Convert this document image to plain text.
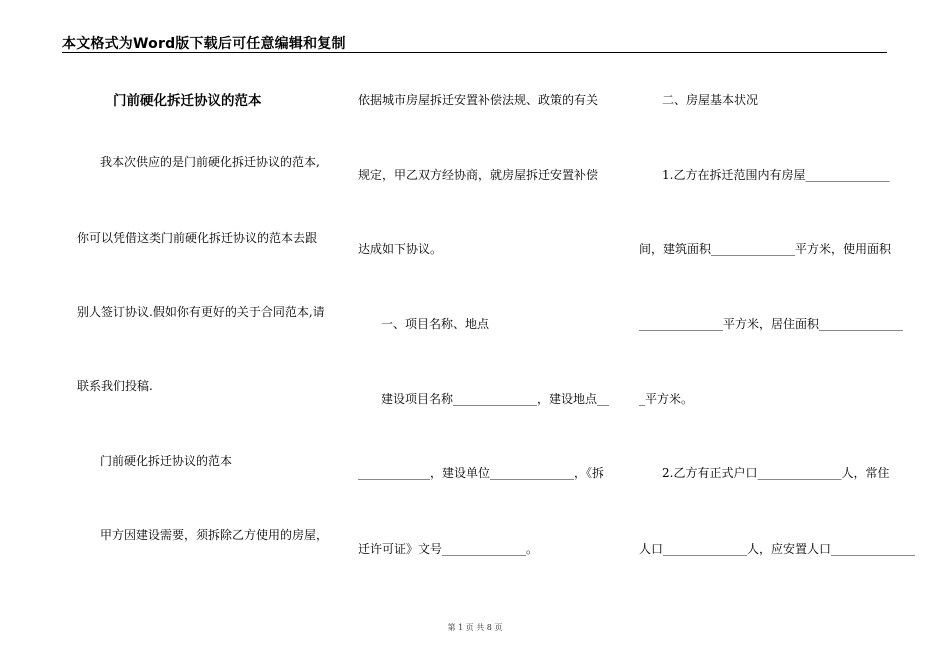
本文格式为Word版下载后可任意编辑和复制
门前硬化拆迁协议的范本
我本次供应的是门前硬化拆迁协议的范本,
你可以凭借这类门前硬化拆迁协议的范本去跟
别人签订协议.假如你有更好的关于合同范本,请
联系我们投稿.
门前硬化拆迁协议的范本
甲方因建设需要，须拆除乙方使用的房屋，
依据城市房屋拆迁安置补偿法规、政策的有关
规定，甲乙双方经协商，就房屋拆迁安置补偿
达成如下协议。
一、项目名称、地点
建设项目名称______________，建设地点__
____________，建设单位______________，《拆
迁许可证》文号______________。
二、房屋基本状况
1.乙方在拆迁范围内有房屋______________
间，建筑面积______________平方米，使用面积
______________平方米，居住面积______________
_平方米。
2.乙方有正式户口______________人，常住
人口______________人，应安置人口______________
第 1 页 共 8 页
